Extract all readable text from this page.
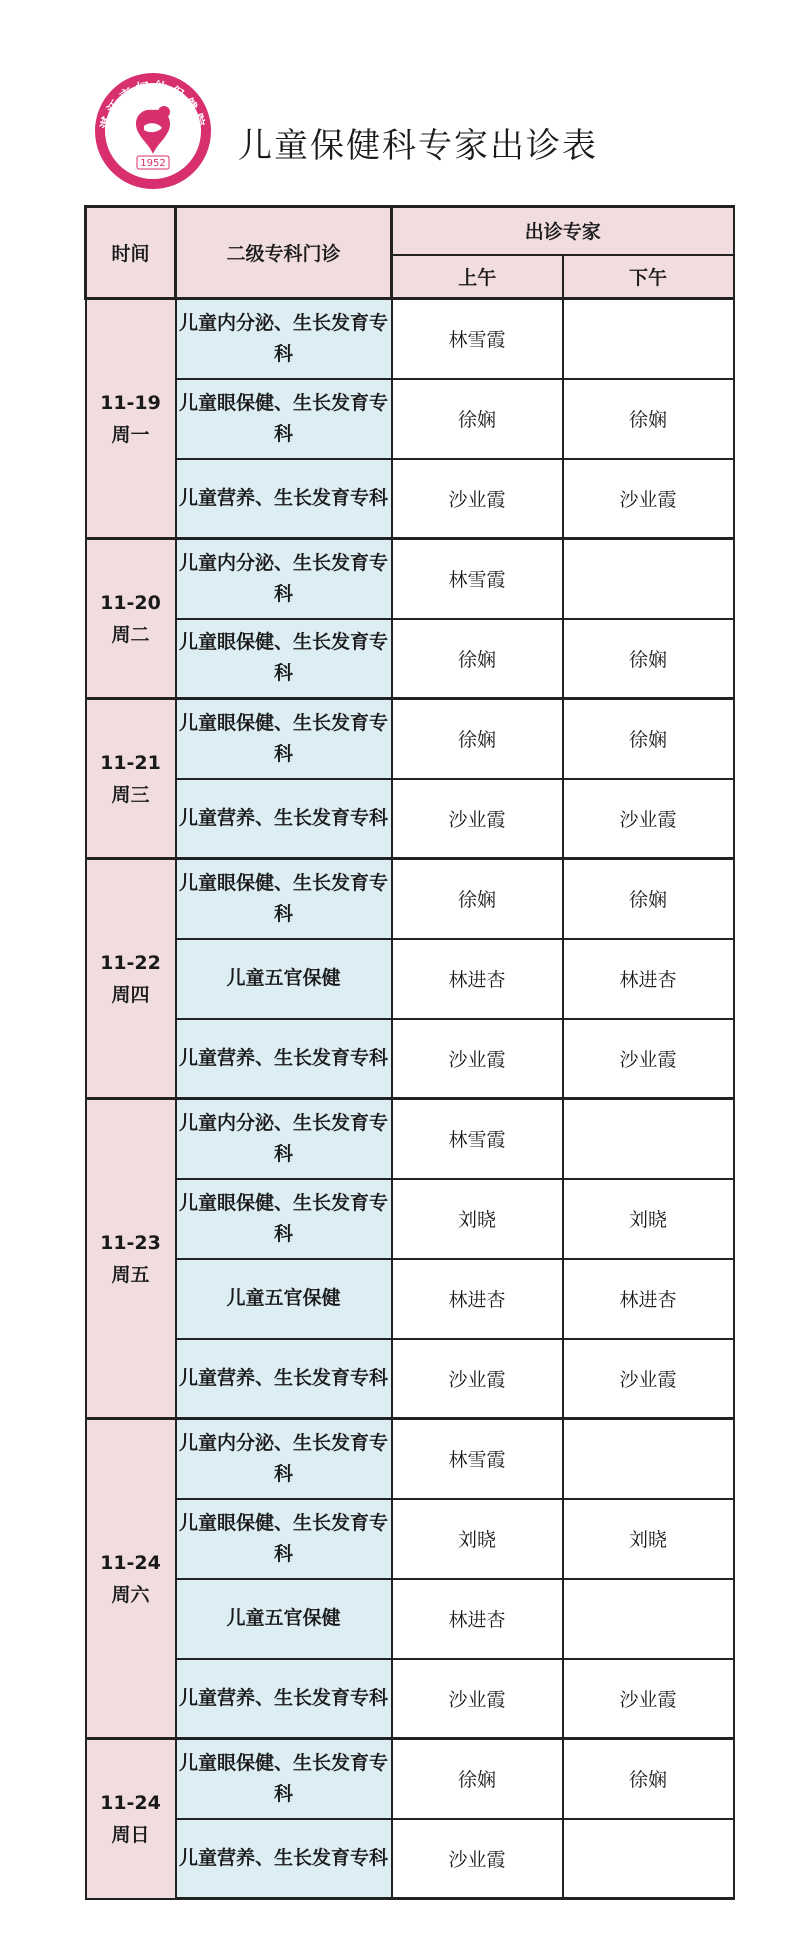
湛江市妇幼保健院
1952 儿童保健科专家出诊表
时间	二级专科门诊	出诊专家	
		上午	下午

11-19
周一	儿童内分泌、生长发育专科	林雪霞	
	儿童眼保健、生长发育专科	徐娴	徐娴
	儿童营养、生长发育专科	沙业霞	沙业霞

11-20
周二	儿童内分泌、生长发育专科	林雪霞	
	儿童眼保健、生长发育专科	徐娴	徐娴

11-21
周三	儿童眼保健、生长发育专科	徐娴	徐娴
	儿童营养、生长发育专科	沙业霞	沙业霞

11-22
周四	儿童眼保健、生长发育专科	徐娴	徐娴
	儿童五官保健	林进杏	林进杏
	儿童营养、生长发育专科	沙业霞	沙业霞

11-23
周五	儿童内分泌、生长发育专科	林雪霞	
	儿童眼保健、生长发育专科	刘晓	刘晓
	儿童五官保健	林进杏	林进杏
	儿童营养、生长发育专科	沙业霞	沙业霞

11-24
周六	儿童内分泌、生长发育专科	林雪霞	
	儿童眼保健、生长发育专科	刘晓	刘晓
	儿童五官保健	林进杏	
	儿童营养、生长发育专科	沙业霞	沙业霞

11-24
周日	儿童眼保健、生长发育专科	徐娴	徐娴
	儿童营养、生长发育专科	沙业霞	
